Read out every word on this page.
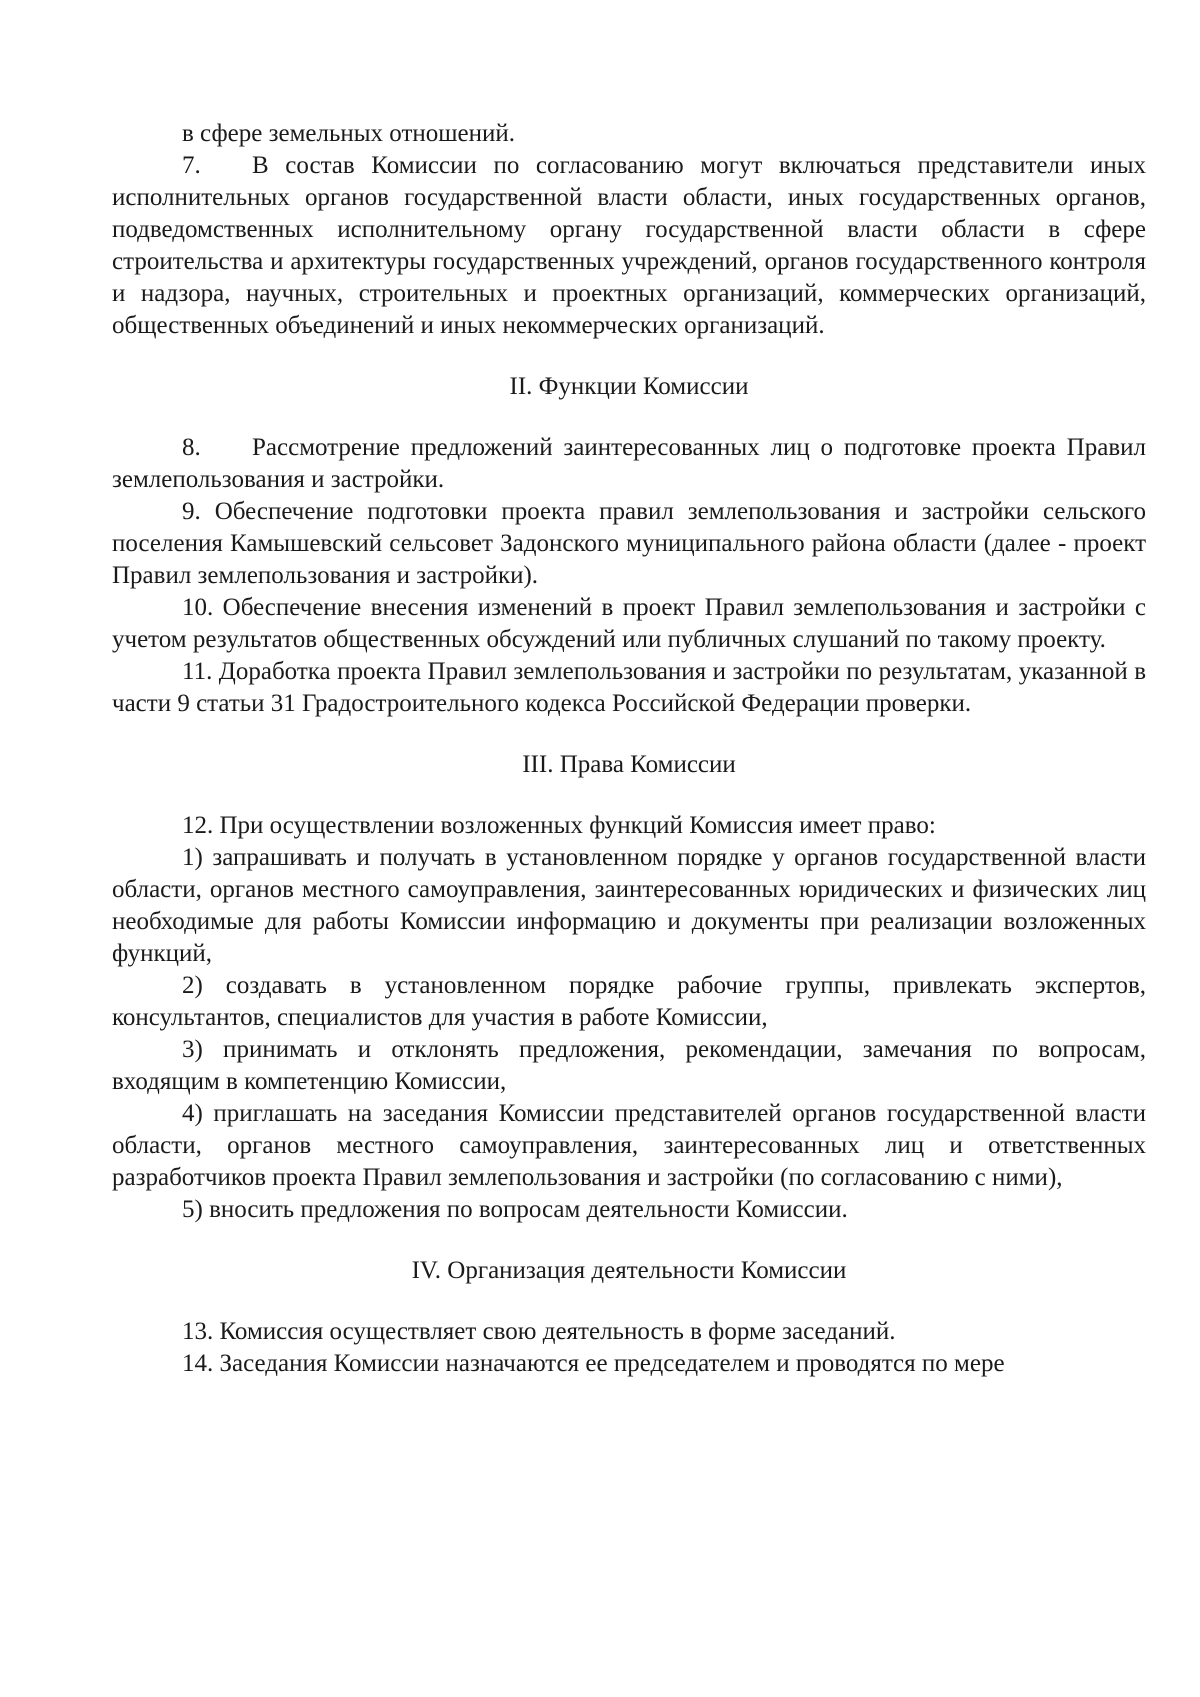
в сфере земельных отношений.

7. В состав Комиссии по согласованию могут включаться представители иных исполнительных органов государственной власти области, иных государственных органов, подведомственных исполнительному органу государственной власти области в сфере строительства и архитектуры государственных учреждений, органов государственного контроля и надзора, научных, строительных и проектных организаций, коммерческих организаций, общественных объединений и иных некоммерческих организаций.

II. Функции Комиссии

8. Рассмотрение предложений заинтересованных лиц о подготовке проекта Правил землепользования и застройки.

9. Обеспечение подготовки проекта правил землепользования и застройки сельского поселения Камышевский сельсовет Задонского муниципального района области (далее - проект Правил землепользования и застройки).

10. Обеспечение внесения изменений в проект Правил землепользования и застройки с учетом результатов общественных обсуждений или публичных слушаний по такому проекту.

11. Доработка проекта Правил землепользования и застройки по результатам, указанной в части 9 статьи 31 Градостроительного кодекса Российской Федерации проверки.

III. Права Комиссии

12. При осуществлении возложенных функций Комиссия имеет право:

1) запрашивать и получать в установленном порядке у органов государственной власти области, органов местного самоуправления, заинтересованных юридических и физических лиц необходимые для работы Комиссии информацию и документы при реализации возложенных функций,

2) создавать в установленном порядке рабочие группы, привлекать экспертов, консультантов, специалистов для участия в работе Комиссии,

3) принимать и отклонять предложения, рекомендации, замечания по вопросам, входящим в компетенцию Комиссии,

4) приглашать на заседания Комиссии представителей органов государственной власти области, органов местного самоуправления, заинтересованных лиц и ответственных разработчиков проекта Правил землепользования и застройки (по согласованию с ними),

5) вносить предложения по вопросам деятельности Комиссии.

IV. Организация деятельности Комиссии

13. Комиссия осуществляет свою деятельность в форме заседаний.

14. Заседания Комиссии назначаются ее председателем и проводятся по мере
